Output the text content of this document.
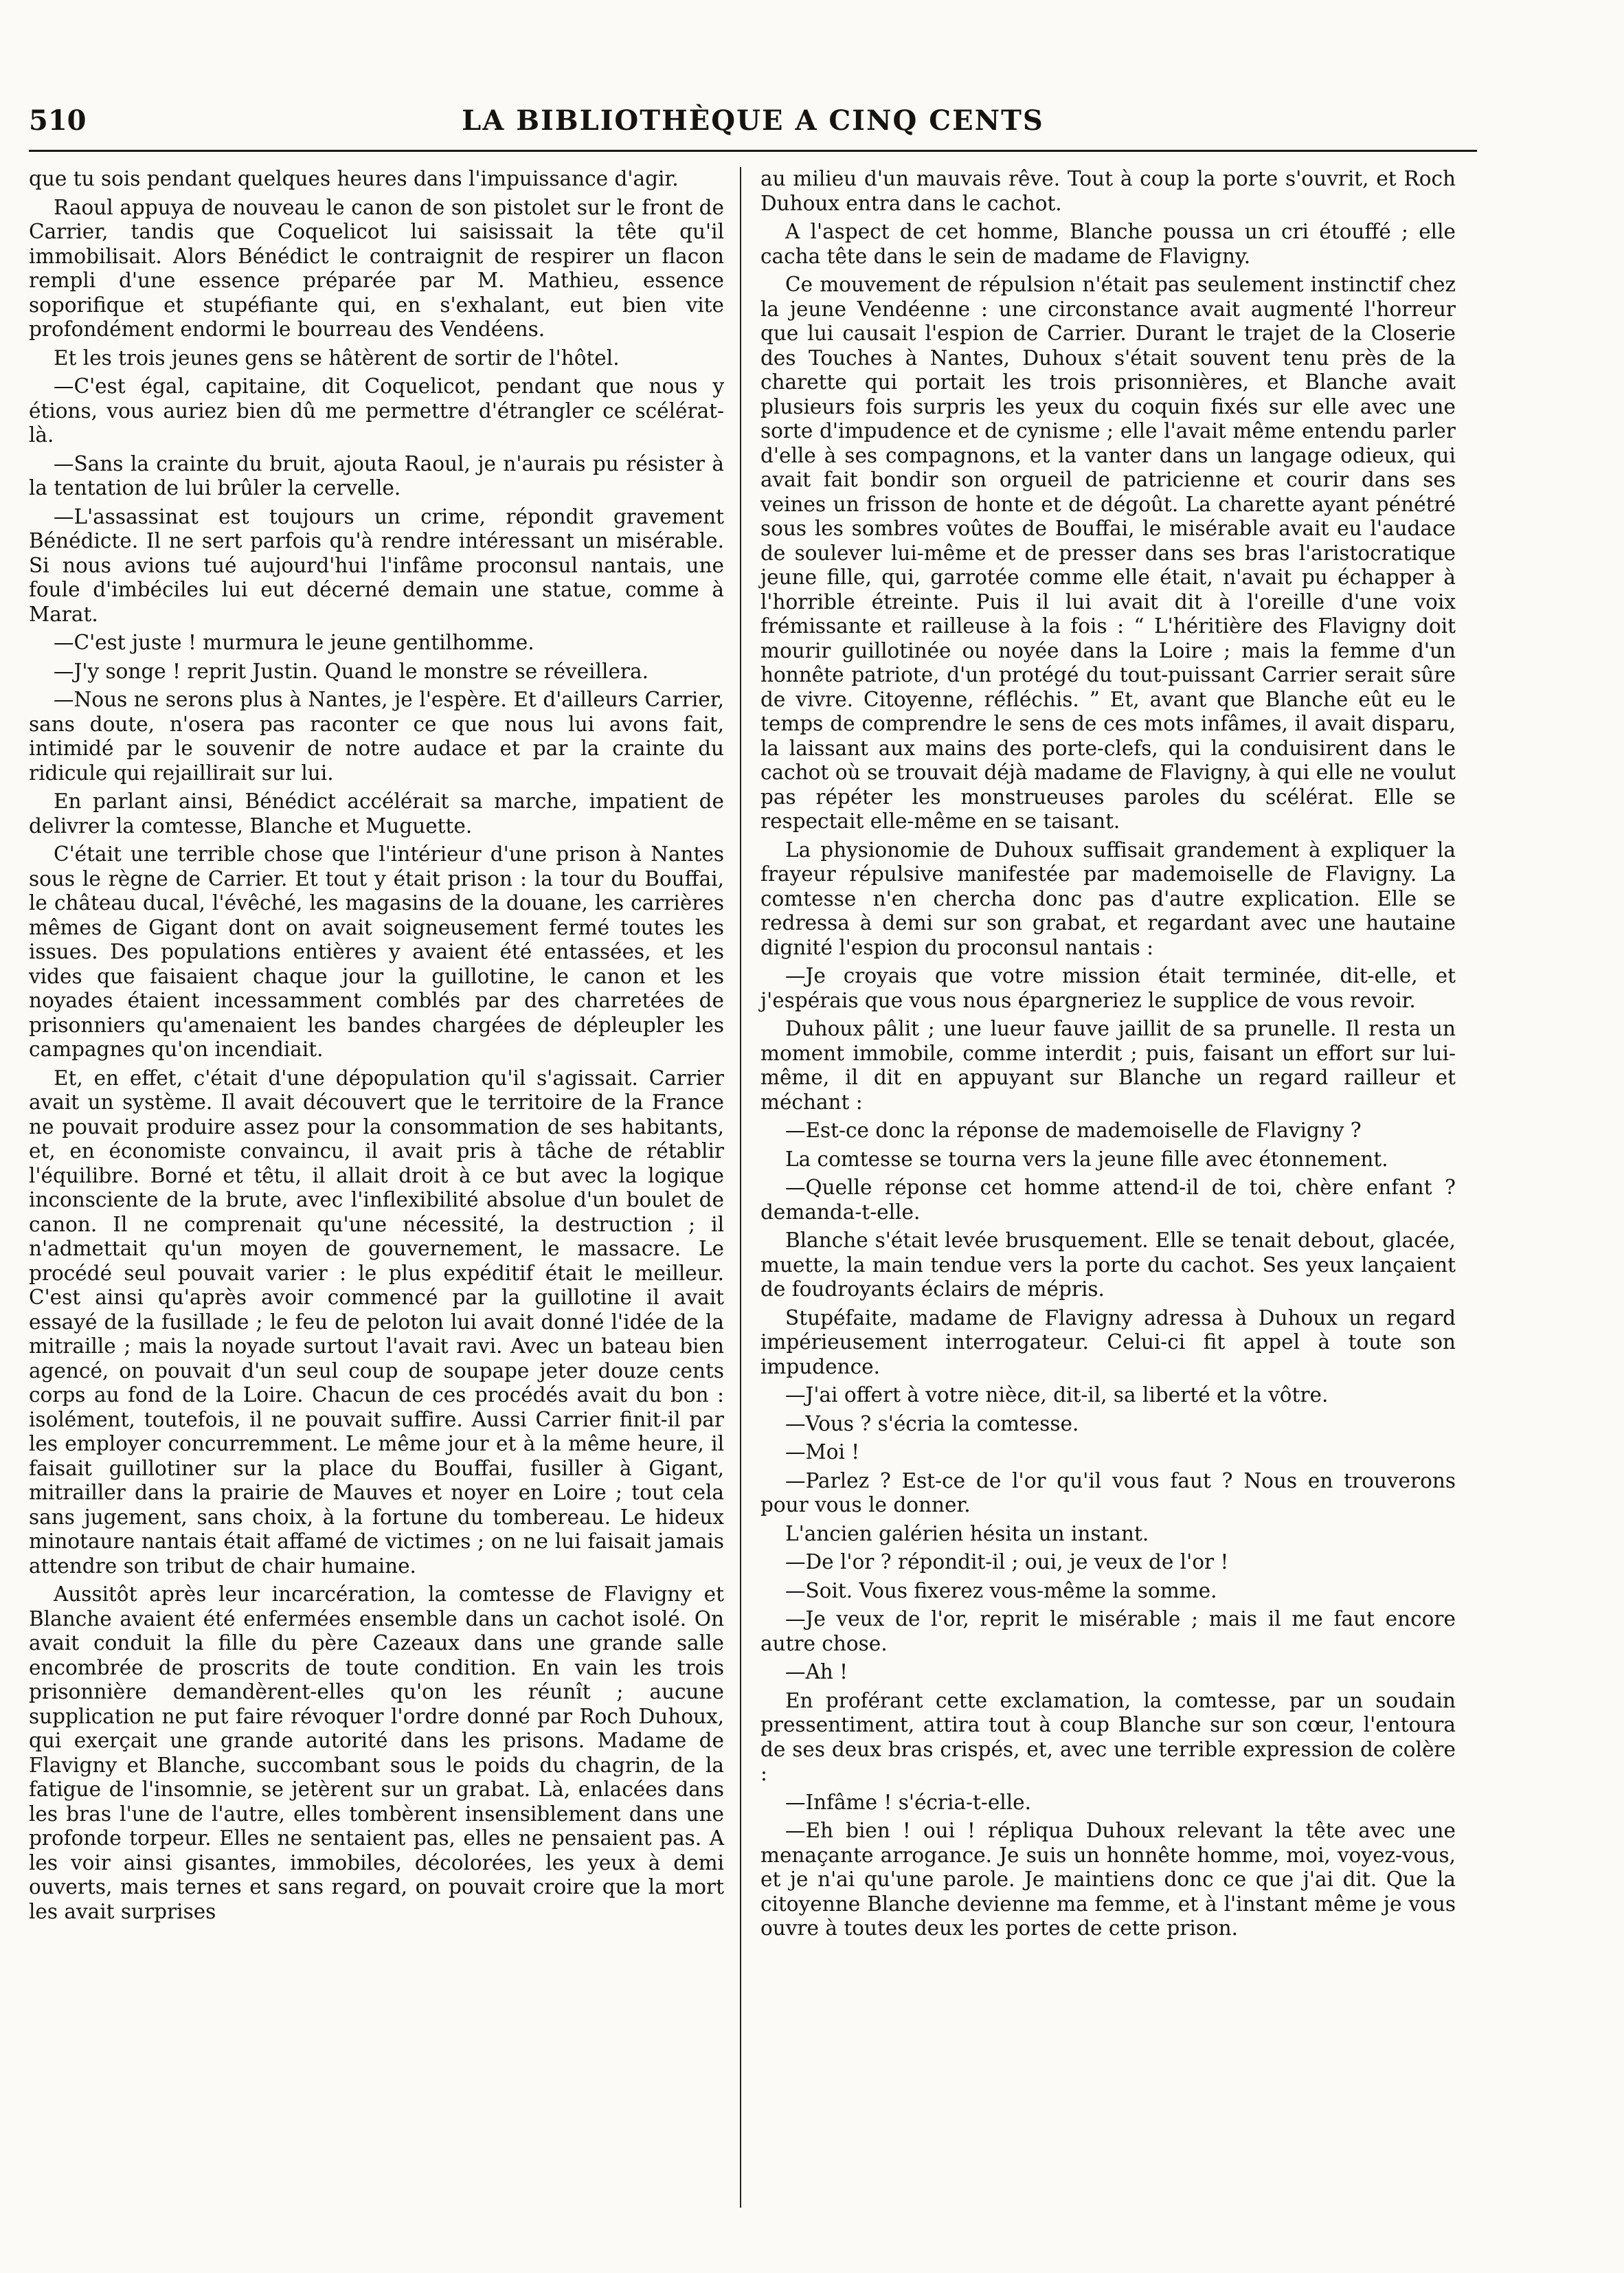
510	LA BIBLIOTHÈQUE A CINQ CENTS

que tu sois pendant quelques heures dans l'impuissance d'agir.

Raoul appuya de nouveau le canon de son pistolet sur le front de Carrier, tandis que Coquelicot lui saisissait la tête qu'il immobilisait. Alors Bénédict le contraignit de respirer un flacon rempli d'une essence préparée par M. Mathieu, essence soporifique et stupéfiante qui, en s'exhalant, eut bien vite profondément endormi le bourreau des Vendéens.

Et les trois jeunes gens se hâtèrent de sortir de l'hôtel.

—C'est égal, capitaine, dit Coquelicot, pendant que nous y étions, vous auriez bien dû me permettre d'étrangler ce scélérat-là.

—Sans la crainte du bruit, ajouta Raoul, je n'aurais pu résister à la tentation de lui brûler la cervelle.

—L'assassinat est toujours un crime, répondit gravement Bénédicte. Il ne sert parfois qu'à rendre intéressant un misérable. Si nous avions tué aujourd'hui l'infâme proconsul nantais, une foule d'imbéciles lui eut décerné demain une statue, comme à Marat.

—C'est juste ! murmura le jeune gentilhomme.

—J'y songe ! reprit Justin. Quand le monstre se réveillera.

—Nous ne serons plus à Nantes, je l'espère. Et d'ailleurs Carrier, sans doute, n'osera pas raconter ce que nous lui avons fait, intimidé par le souvenir de notre audace et par la crainte du ridicule qui rejaillirait sur lui.

En parlant ainsi, Bénédict accélérait sa marche, impatient de delivrer la comtesse, Blanche et Muguette.

C'était une terrible chose que l'intérieur d'une prison à Nantes sous le règne de Carrier. Et tout y était prison : la tour du Bouffai, le château ducal, l'évêché, les magasins de la douane, les carrières mêmes de Gigant dont on avait soigneusement fermé toutes les issues. Des populations entières y avaient été entassées, et les vides que faisaient chaque jour la guillotine, le canon et les noyades étaient incessamment comblés par des charretées de prisonniers qu'amenaient les bandes chargées de dépleupler les campagnes qu'on incendiait.

Et, en effet, c'était d'une dépopulation qu'il s'agissait. Carrier avait un système. Il avait découvert que le territoire de la France ne pouvait produire assez pour la consommation de ses habitants, et, en économiste convaincu, il avait pris à tâche de rétablir l'équilibre. Borné et têtu, il allait droit à ce but avec la logique inconsciente de la brute, avec l'inflexibilité absolue d'un boulet de canon. Il ne comprenait qu'une nécessité, la destruction ; il n'admettait qu'un moyen de gouvernement, le massacre. Le procédé seul pouvait varier : le plus expéditif était le meilleur. C'est ainsi qu'après avoir commencé par la guillotine il avait essayé de la fusillade ; le feu de peloton lui avait donné l'idée de la mitraille ; mais la noyade surtout l'avait ravi. Avec un bateau bien agencé, on pouvait d'un seul coup de soupape jeter douze cents corps au fond de la Loire. Chacun de ces procédés avait du bon : isolément, toutefois, il ne pouvait suffire. Aussi Carrier finit-il par les employer concurremment. Le même jour et à la même heure, il faisait guillotiner sur la place du Bouffai, fusiller à Gigant, mitrailler dans la prairie de Mauves et noyer en Loire ; tout cela sans jugement, sans choix, à la fortune du tombereau. Le hideux minotaure nantais était affamé de victimes ; on ne lui faisait jamais attendre son tribut de chair humaine.

Aussitôt après leur incarcération, la comtesse de Flavigny et Blanche avaient été enfermées ensemble dans un cachot isolé. On avait conduit la fille du père Cazeaux dans une grande salle encombrée de proscrits de toute condition. En vain les trois prisonnière demandèrent-elles qu'on les réunît ; aucune supplication ne put faire révoquer l'ordre donné par Roch Duhoux, qui exerçait une grande autorité dans les prisons. Madame de Flavigny et Blanche, succombant sous le poids du chagrin, de la fatigue de l'insomnie, se jetèrent sur un grabat. Là, enlacées dans les bras l'une de l'autre, elles tombèrent insensiblement dans une profonde torpeur. Elles ne sentaient pas, elles ne pensaient pas. A les voir ainsi gisantes, immobiles, décolorées, les yeux à demi ouverts, mais ternes et sans regard, on pouvait croire que la mort les avait surprises

au milieu d'un mauvais rêve. Tout à coup la porte s'ouvrit, et Roch Duhoux entra dans le cachot.

A l'aspect de cet homme, Blanche poussa un cri étouffé ; elle cacha tête dans le sein de madame de Flavigny.

Ce mouvement de répulsion n'était pas seulement instinctif chez la jeune Vendéenne : une circonstance avait augmenté l'horreur que lui causait l'espion de Carrier. Durant le trajet de la Closerie des Touches à Nantes, Duhoux s'était souvent tenu près de la charette qui portait les trois prisonnières, et Blanche avait plusieurs fois surpris les yeux du coquin fixés sur elle avec une sorte d'impudence et de cynisme ; elle l'avait même entendu parler d'elle à ses compagnons, et la vanter dans un langage odieux, qui avait fait bondir son orgueil de patricienne et courir dans ses veines un frisson de honte et de dégoût. La charette ayant pénétré sous les sombres voûtes de Bouffai, le misérable avait eu l'audace de soulever lui-même et de presser dans ses bras l'aristocratique jeune fille, qui, garrotée comme elle était, n'avait pu échapper à l'horrible étreinte. Puis il lui avait dit à l'oreille d'une voix frémissante et railleuse à la fois : “ L'héritière des Flavigny doit mourir guillotinée ou noyée dans la Loire ; mais la femme d'un honnête patriote, d'un protégé du tout-puissant Carrier serait sûre de vivre. Citoyenne, réfléchis. ” Et, avant que Blanche eût eu le temps de comprendre le sens de ces mots infâmes, il avait disparu, la laissant aux mains des porte-clefs, qui la conduisirent dans le cachot où se trouvait déjà madame de Flavigny, à qui elle ne voulut pas répéter les monstrueuses paroles du scélérat. Elle se respectait elle-même en se taisant.

La physionomie de Duhoux suffisait grandement à expliquer la frayeur répulsive manifestée par mademoiselle de Flavigny. La comtesse n'en chercha donc pas d'autre explication. Elle se redressa à demi sur son grabat, et regardant avec une hautaine dignité l'espion du proconsul nantais :

—Je croyais que votre mission était terminée, dit-elle, et j'espérais que vous nous épargneriez le supplice de vous revoir.

Duhoux pâlit ; une lueur fauve jaillit de sa prunelle. Il resta un moment immobile, comme interdit ; puis, faisant un effort sur lui-même, il dit en appuyant sur Blanche un regard railleur et méchant :

—Est-ce donc la réponse de mademoiselle de Flavigny ?

La comtesse se tourna vers la jeune fille avec étonnement.

—Quelle réponse cet homme attend-il de toi, chère enfant ? demanda-t-elle.

Blanche s'était levée brusquement. Elle se tenait debout, glacée, muette, la main tendue vers la porte du cachot. Ses yeux lançaient de foudroyants éclairs de mépris.

Stupéfaite, madame de Flavigny adressa à Duhoux un regard impérieusement interrogateur. Celui-ci fit appel à toute son impudence.

—J'ai offert à votre nièce, dit-il, sa liberté et la vôtre.

—Vous ? s'écria la comtesse.

—Moi !

—Parlez ? Est-ce de l'or qu'il vous faut ? Nous en trouverons pour vous le donner.

L'ancien galérien hésita un instant.

—De l'or ? répondit-il ; oui, je veux de l'or !

—Soit. Vous fixerez vous-même la somme.

—Je veux de l'or, reprit le misérable ; mais il me faut encore autre chose.

—Ah !

En proférant cette exclamation, la comtesse, par un soudain pressentiment, attira tout à coup Blanche sur son cœur, l'entoura de ses deux bras crispés, et, avec une terrible expression de colère :

—Infâme ! s'écria-t-elle.

—Eh bien ! oui ! répliqua Duhoux relevant la tête avec une menaçante arrogance. Je suis un honnête homme, moi, voyez-vous, et je n'ai qu'une parole. Je maintiens donc ce que j'ai dit. Que la citoyenne Blanche devienne ma femme, et à l'instant même je vous ouvre à toutes deux les portes de cette prison.
